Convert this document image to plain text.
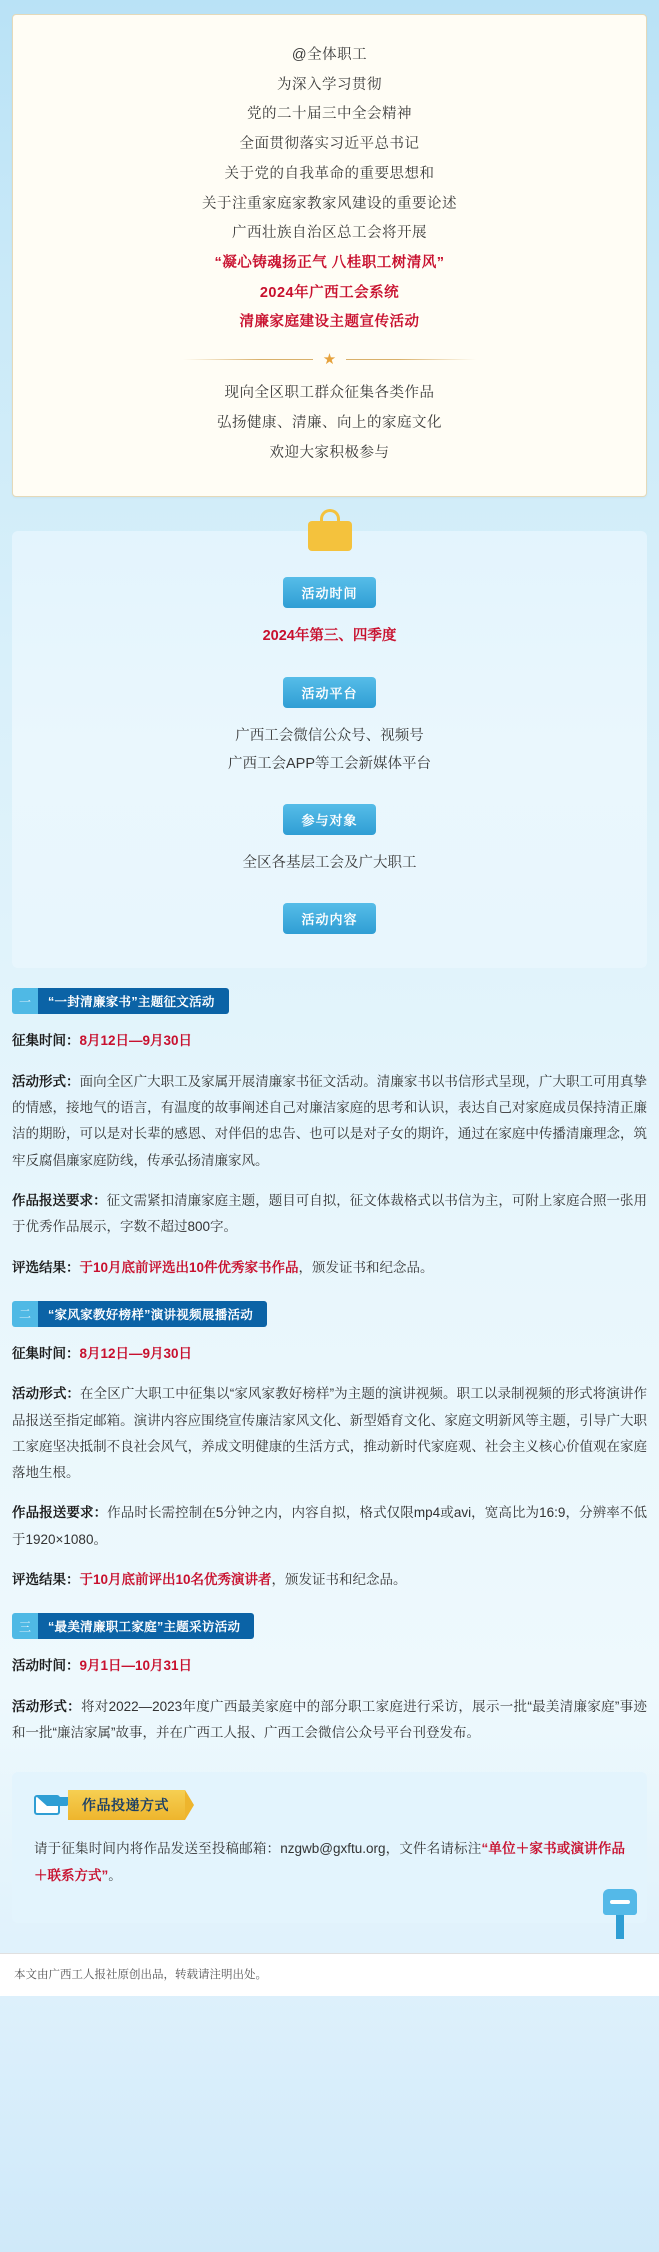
@全体职工
为深入学习贯彻
党的二十届三中全会精神
全面贯彻落实习近平总书记
关于党的自我革命的重要思想和
关于注重家庭家教家风建设的重要论述
广西壮族自治区总工会将开展
“凝心铸魂扬正气 八桂职工树清风”
2024年广西工会系统
清廉家庭建设主题宣传活动
★
现向全区职工群众征集各类作品
弘扬健康、清廉、向上的家庭文化
欢迎大家积极参与
活动时间
2024年第三、四季度
活动平台
广西工会微信公众号、视频号
广西工会APP等工会新媒体平台
参与对象
全区各基层工会及广大职工
活动内容
一	“一封清廉家书”主题征文活动

征集时间：8月12日—9月30日

活动形式：面向全区广大职工及家属开展清廉家书征文活动。清廉家书以书信形式呈现，广大职工可用真挚的情感，接地气的语言，有温度的故事阐述自己对廉洁家庭的思考和认识，表达自己对家庭成员保持清正廉洁的期盼，可以是对长辈的感恩、对伴侣的忠告、也可以是对子女的期许，通过在家庭中传播清廉理念，筑牢反腐倡廉家庭防线，传承弘扬清廉家风。

作品报送要求：征文需紧扣清廉家庭主题，题目可自拟，征文体裁格式以书信为主，可附上家庭合照一张用于优秀作品展示，字数不超过800字。

评选结果：于10月底前评选出10件优秀家书作品，颁发证书和纪念品。

二	“家风家教好榜样”演讲视频展播活动

征集时间：8月12日—9月30日

活动形式：在全区广大职工中征集以“家风家教好榜样”为主题的演讲视频。职工以录制视频的形式将演讲作品报送至指定邮箱。演讲内容应围绕宣传廉洁家风文化、新型婚育文化、家庭文明新风等主题，引导广大职工家庭坚决抵制不良社会风气，养成文明健康的生活方式，推动新时代家庭观、社会主义核心价值观在家庭落地生根。

作品报送要求：作品时长需控制在5分钟之内，内容自拟，格式仅限mp4或avi，宽高比为16:9，分辨率不低于1920×1080。

评选结果：于10月底前评出10名优秀演讲者，颁发证书和纪念品。

三	“最美清廉职工家庭”主题采访活动

活动时间：9月1日—10月31日

活动形式：将对2022—2023年度广西最美家庭中的部分职工家庭进行采访，展示一批“最美清廉家庭”事迹和一批“廉洁家属”故事，并在广西工人报、广西工会微信公众号平台刊登发布。

作品投递方式

请于征集时间内将作品发送至投稿邮箱：nzgwb@gxftu.org，文件名请标注“单位＋家书或演讲作品＋联系方式”。

本文由广西工人报社原创出品，转载请注明出处。
